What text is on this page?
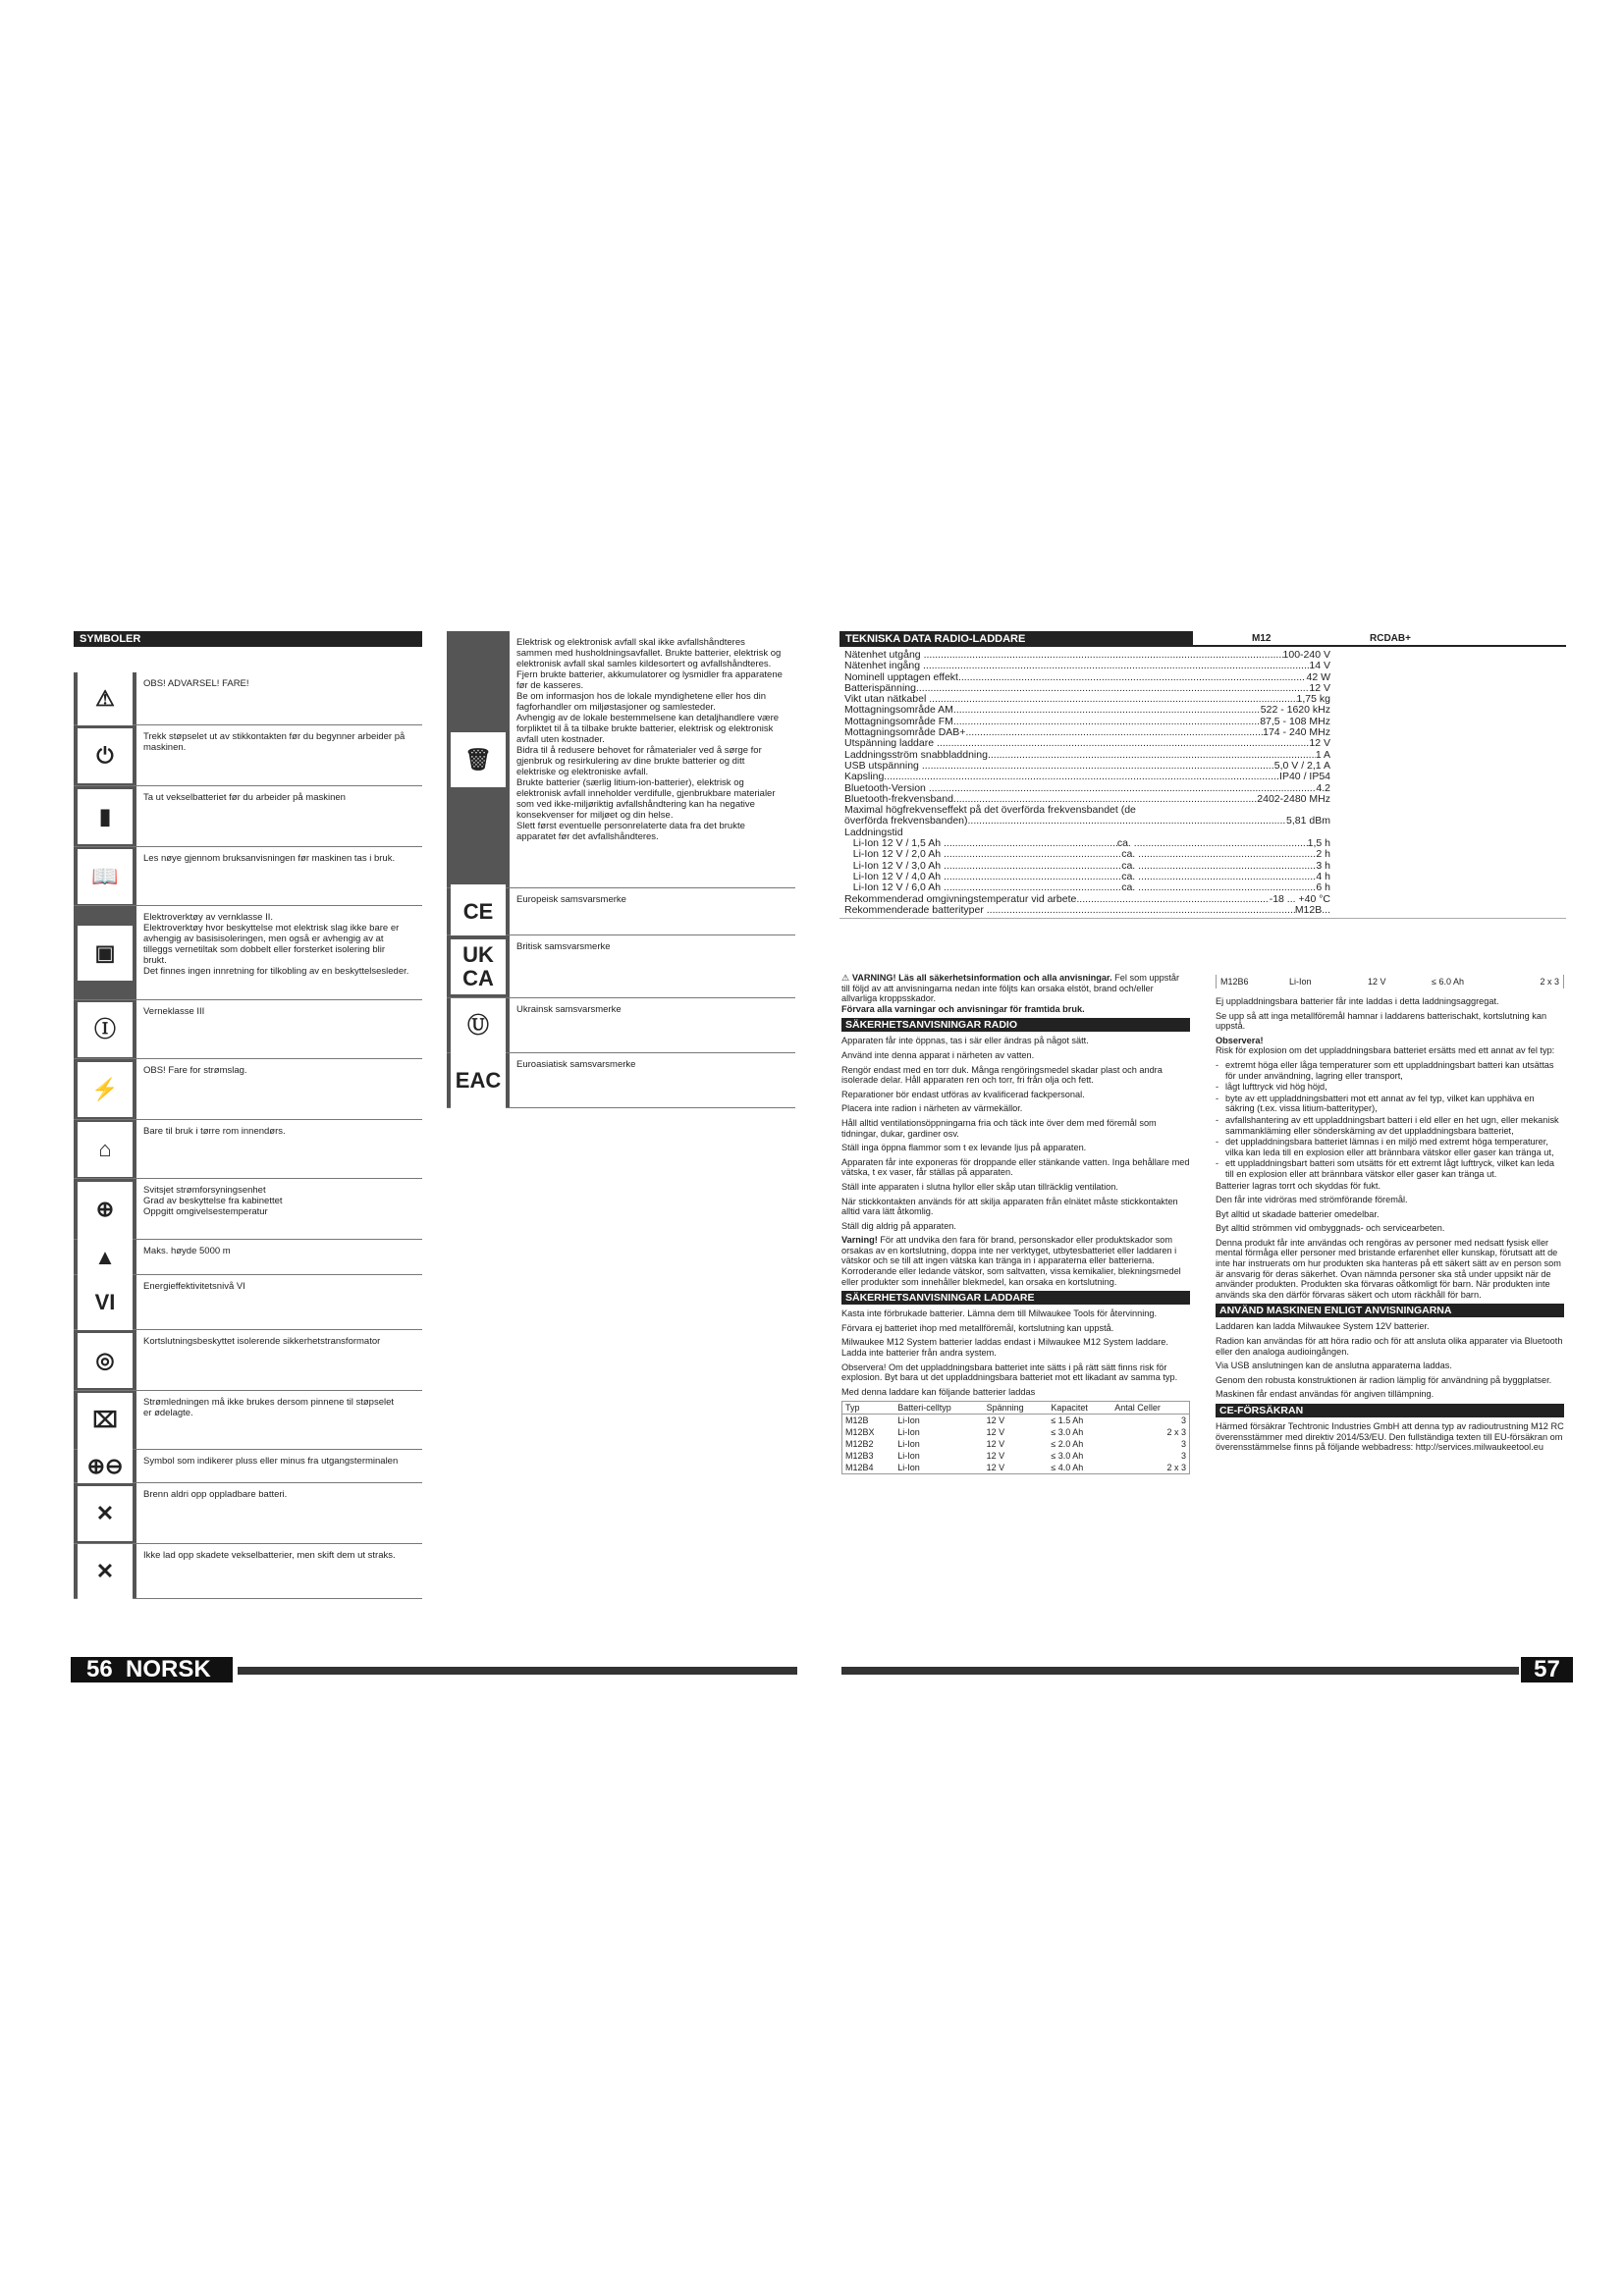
SYMBOLER
⚠
OBS! ADVARSEL! FARE!
⏻
Trekk støpselet ut av stikkontakten før du begynner arbeider på
maskinen.
▮
Ta ut vekselbatteriet før du arbeider på maskinen
📖
Les nøye gjennom bruksanvisningen før maskinen tas i bruk.
▣
Elektroverktøy av vernklasse II.
Elektroverktøy hvor beskyttelse mot elektrisk slag ikke bare er
avhengig av basisisoleringen, men også er avhengig av at
tilleggs vernetiltak som dobbelt eller forsterket isolering blir
brukt.
Det finnes ingen innretning for tilkobling av en beskyttelsesleder.
Ⓘ
Verneklasse III
⚡
OBS! Fare for strømslag.
⌂
Bare til bruk i tørre rom innendørs.
⊕
Svitsjet strømforsyningsenhet
Grad av beskyttelse fra kabinettet
Oppgitt omgivelsestemperatur
▲	Maks. høyde 5000 m
VI
Energieffektivitetsnivå VI
◎
Kortslutningsbeskyttet isolerende sikkerhetstransformator
⌧
Strømledningen må ikke brukes dersom pinnene til støpselet
er ødelagte.
⊕⊖	Symbol som indikerer pluss eller minus fra utgangsterminalen
✕
Brenn aldri opp oppladbare batteri.
✕
Ikke lad opp skadete vekselbatterier, men skift dem ut straks.
🗑
Elektrisk og elektronisk avfall skal ikke avfallshåndteres
sammen med husholdningsavfallet. Brukte batterier, elektrisk og
elektronisk avfall skal samles kildesortert og avfallshåndteres.
Fjern brukte batterier, akkumulatorer og lysmidler fra apparatene
før de kasseres.
Be om informasjon hos de lokale myndighetene eller hos din
fagforhandler om miljøstasjoner og samlesteder.
Avhengig av de lokale bestemmelsene kan detaljhandlere være
forpliktet til å ta tilbake brukte batterier, elektrisk og elektronisk
avfall uten kostnader.
Bidra til å redusere behovet for råmaterialer ved å sørge for
gjenbruk og resirkulering av dine brukte batterier og ditt
elektriske og elektroniske avfall.
Brukte batterier (særlig litium-ion-batterier), elektrisk og
elektronisk avfall inneholder verdifulle, gjenbrukbare materialer
som ved ikke-miljøriktig avfallshåndtering kan ha negative
konsekvenser for miljøet og din helse.
Slett først eventuelle personrelaterte data fra det brukte
apparatet før det avfallshåndteres.
CE	Europeisk samsvarsmerke
UK CA
Britisk samsvarsmerke
Ⓤ
Ukrainsk samsvarsmerke
EAC
Euroasiatisk samsvarsmerke
56 NORSK
TEKNISKA DATA RADIO-LADDARE	M12	RCDAB+
Nätenhet utgång .....	100-240 V
Nätenhet ingång .....	14 V
Nominell upptagen effekt .....	42 W
Batterispänning .....	12 V
Vikt utan nätkabel .....	1,75 kg
Mottagningsområde AM .....	522 - 1620 kHz
Mottagningsområde FM .....	87,5 - 108 MHz
Mottagningsområde DAB+ .....	174 - 240 MHz
Utspänning laddare .....	12 V
Laddningsström snabbladdning .....	1 A
USB utspänning .....	5,0 V / 2,1 A
Kapsling .....	IP40 / IP54
Bluetooth-Version .....	4.2
Bluetooth-frekvensband .....	2402-2480 MHz
Maximal högfrekvenseffekt på det överförda frekvensbandet (de
överförda frekvensbanden) .....	5,81 dBm
Laddningstid
Li-Ion 12 V / 1,5 Ah .....	ca. .....	1,5 h
Li-Ion 12 V / 2,0 Ah .....	ca. .....	2 h
Li-Ion 12 V / 3,0 Ah .....	ca. .....	3 h
Li-Ion 12 V / 4,0 Ah .....	ca. .....	4 h
Li-Ion 12 V / 6,0 Ah .....	ca. .....	6 h
Rekommenderad omgivningstemperatur vid arbete .....	-18 ... +40 °C
Rekommenderade batterityper .....	M12B...

⚠ VARNING! Läs all säkerhetsinformation och alla anvisningar. Fel som uppstår till följd av att anvisningarna nedan inte följts kan orsaka elstöt, brand och/eller allvarliga kroppsskador.
Förvara alla varningar och anvisningar för framtida bruk.

SÄKERHETSANVISNINGAR RADIO

Apparaten får inte öppnas, tas i sär eller ändras på något sätt.

Använd inte denna apparat i närheten av vatten.

Rengör endast med en torr duk. Många rengöringsmedel skadar plast och andra isolerade delar. Håll apparaten ren och torr, fri från olja och fett.

Reparationer bör endast utföras av kvalificerad fackpersonal.

Placera inte radion i närheten av värmekällor.

Håll alltid ventilationsöppningarna fria och täck inte över dem med föremål som tidningar, dukar, gardiner osv.

Ställ inga öppna flammor som t ex levande ljus på apparaten.

Apparaten får inte exponeras för droppande eller stänkande vatten. Inga behållare med vätska, t ex vaser, får ställas på apparaten.

Ställ inte apparaten i slutna hyllor eller skåp utan tillräcklig ventilation.

När stickkontakten används för att skilja apparaten från elnätet måste stickkontakten alltid vara lätt åtkomlig.

Ställ dig aldrig på apparaten.

Varning! För att undvika den fara för brand, personskador eller produktskador som orsakas av en kortslutning, doppa inte ner verktyget, utbytesbatteriet eller laddaren i vätskor och se till att ingen vätska kan tränga in i apparaterna eller batterierna. Korroderande eller ledande vätskor, som saltvatten, vissa kemikalier, blekningsmedel eller produkter som innehåller blekmedel, kan orsaka en kortslutning.

SÄKERHETSANVISNINGAR LADDARE

Kasta inte förbrukade batterier. Lämna dem till Milwaukee Tools för återvinning.

Förvara ej batteriet ihop med metallföremål, kortslutning kan uppstå.

Milwaukee M12 System batterier laddas endast i Milwaukee M12 System laddare. Ladda inte batterier från andra system.

Observera! Om det uppladdningsbara batteriet inte sätts i på rätt sätt finns risk för explosion. Byt bara ut det uppladdningsbara batteriet mot ett likadant av samma typ.

Med denna laddare kan följande batterier laddas

Typ	Batteri-celltyp	Spänning	Kapacitet	Antal Celler
M12B	Li-Ion	12 V	≤ 1.5 Ah	3
M12BX	Li-Ion	12 V	≤ 3.0 Ah	2 x 3
M12B2	Li-Ion	12 V	≤ 2.0 Ah	3
M12B3	Li-Ion	12 V	≤ 3.0 Ah	3
M12B4	Li-Ion	12 V	≤ 4.0 Ah	2 x 3
M12B6	Li-Ion	12 V	≤ 6.0 Ah	2 x 3

Ej uppladdningsbara batterier får inte laddas i detta laddningsaggregat.

Se upp så att inga metallföremål hamnar i laddarens batterischakt, kortslutning kan uppstå.

Observera!

Risk för explosion om det uppladdningsbara batteriet ersätts med ett annat av fel typ:

- extremt höga eller låga temperaturer som ett uppladdningsbart batteri kan utsättas för under användning, lagring eller transport,
- lågt lufttryck vid hög höjd,
- byte av ett uppladdningsbatteri mot ett annat av fel typ, vilket kan upphäva en säkring (t.ex. vissa litium-batterityper),
- avfallshantering av ett uppladdningsbart batteri i eld eller en het ugn, eller mekanisk sammankläming eller sönderskärning av det uppladdningsbara batteriet,
- det uppladdningsbara batteriet lämnas i en miljö med extremt höga temperaturer, vilka kan leda till en explosion eller att brännbara vätskor eller gaser kan tränga ut,
- ett uppladdningsbart batteri som utsätts för ett extremt lågt lufttryck, vilket kan leda till en explosion eller att brännbara vätskor eller gaser kan tränga ut.

Batterier lagras torrt och skyddas för fukt.

Den får inte vidröras med strömförande föremål.

Byt alltid ut skadade batterier omedelbar.

Byt alltid strömmen vid ombyggnads- och servicearbeten.

Denna produkt får inte användas och rengöras av personer med nedsatt fysisk eller mental förmåga eller personer med bristande erfarenhet eller kunskap, förutsatt att de inte har instruerats om hur produkten ska hanteras på ett säkert sätt av en person som är ansvarig för deras säkerhet. Ovan nämnda personer ska stå under uppsikt när de använder produkten. Produkten ska förvaras oåtkomligt för barn. När produkten inte används ska den därför förvaras säkert och utom räckhåll för barn.

ANVÄND MASKINEN ENLIGT ANVISNINGARNA

Laddaren kan ladda Milwaukee System 12V batterier.

Radion kan användas för att höra radio och för att ansluta olika apparater via Bluetooth eller den analoga audioingången.

Via USB anslutningen kan de anslutna apparaterna laddas.

Genom den robusta konstruktionen är radion lämplig för användning på byggplatser.

Maskinen får endast användas för angiven tillämpning.

CE-FÖRSÄKRAN

Härmed försäkrar Techtronic Industries GmbH att denna typ av radioutrustning M12 RC överensstämmer med direktiv 2014/53/EU. Den fullständiga texten till EU-försäkran om överensstämmelse finns på följande webbadress: http://services.milwaukeetool.eu

57
